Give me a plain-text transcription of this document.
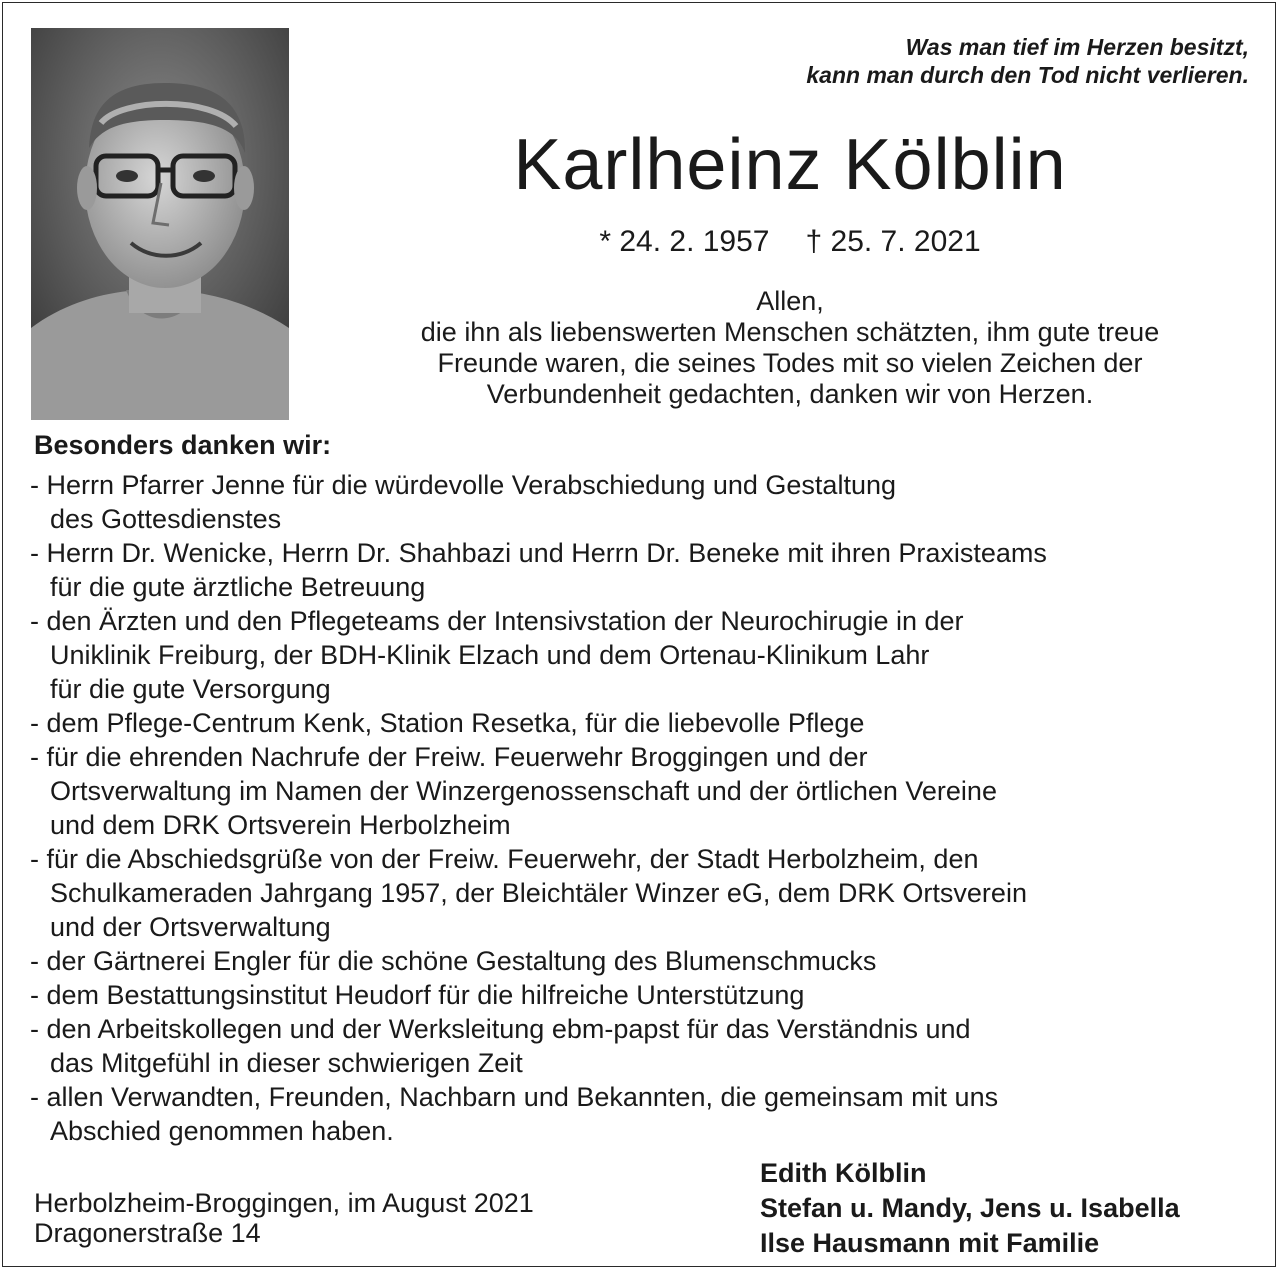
Was man tief im Herzen besitzt,
kann man durch den Tod nicht verlieren.
Karlheinz Kölblin
* 24. 2. 1957 † 25. 7. 2021
Allen,
die ihn als liebenswerten Menschen schätzten, ihm gute treue
Freunde waren, die seines Todes mit so vielen Zeichen der
Verbundenheit gedachten, danken wir von Herzen.
Besonders danken wir:
- Herrn Pfarrer Jenne für die würdevolle Verabschiedung und Gestaltung
des Gottesdienstes
- Herrn Dr. Wenicke, Herrn Dr. Shahbazi und Herrn Dr. Beneke mit ihren Praxisteams
für die gute ärztliche Betreuung
- den Ärzten und den Pflegeteams der Intensivstation der Neurochirugie in der
Uniklinik Freiburg, der BDH-Klinik Elzach und dem Ortenau-Klinikum Lahr
für die gute Versorgung
- dem Pflege-Centrum Kenk, Station Resetka, für die liebevolle Pflege
- für die ehrenden Nachrufe der Freiw. Feuerwehr Broggingen und der
Ortsverwaltung im Namen der Winzergenossenschaft und der örtlichen Vereine
und dem DRK Ortsverein Herbolzheim
- für die Abschiedsgrüße von der Freiw. Feuerwehr, der Stadt Herbolzheim, den
Schulkameraden Jahrgang 1957, der Bleichtäler Winzer eG, dem DRK Ortsverein
und der Ortsverwaltung
- der Gärtnerei Engler für die schöne Gestaltung des Blumenschmucks
- dem Bestattungsinstitut Heudorf für die hilfreiche Unterstützung
- den Arbeitskollegen und der Werksleitung ebm-papst für das Verständnis und
das Mitgefühl in dieser schwierigen Zeit
- allen Verwandten, Freunden, Nachbarn und Bekannten, die gemeinsam mit uns
Abschied genommen haben.
Herbolzheim-Broggingen, im August 2021
Dragonerstraße 14
Edith Kölblin
Stefan u. Mandy, Jens u. Isabella
Ilse Hausmann mit Familie
